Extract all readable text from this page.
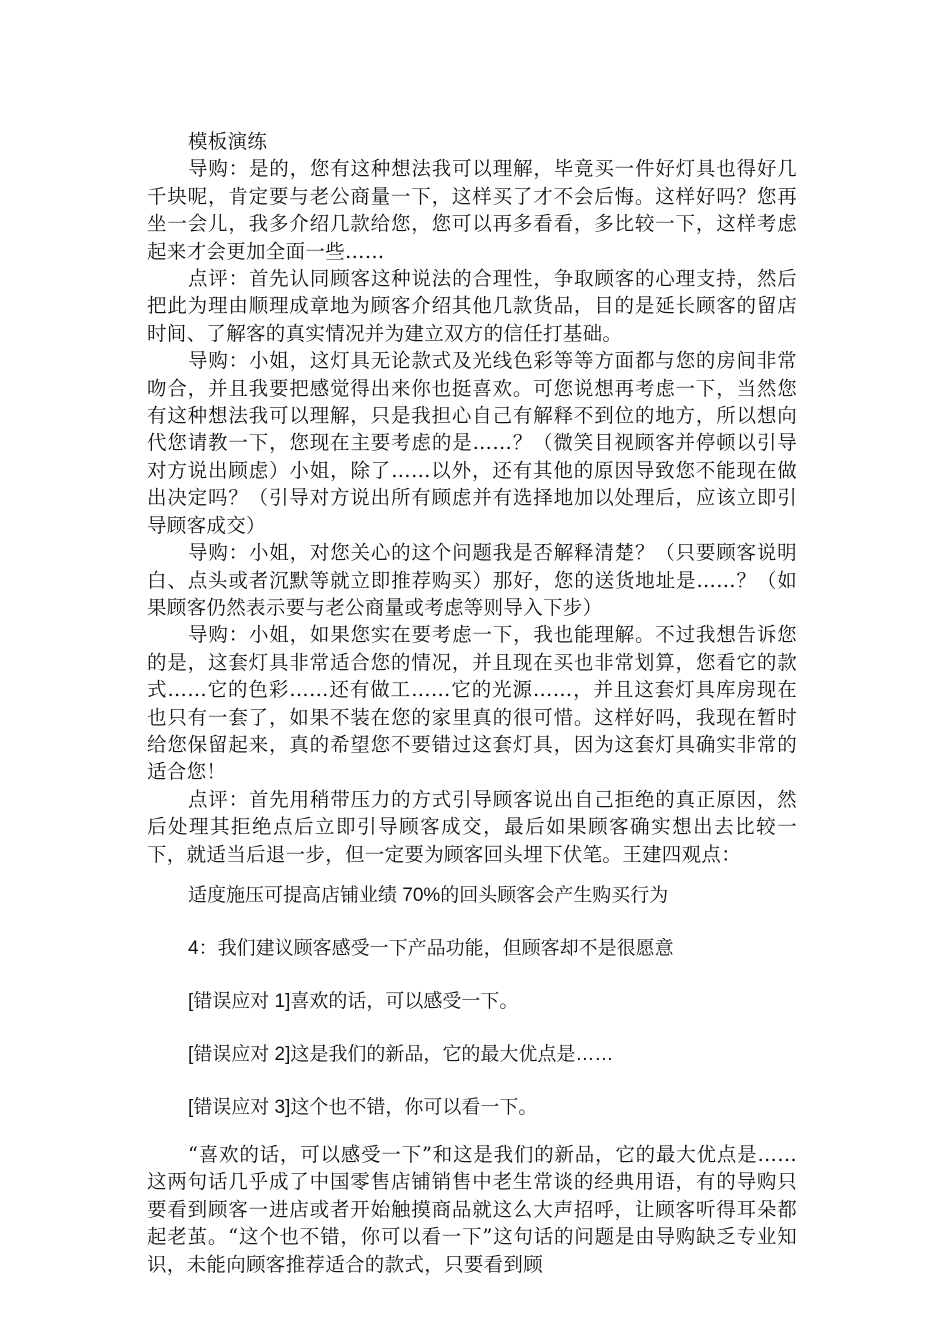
模板演练

导购：是的，您有这种想法我可以理解，毕竟买一件好灯具也得好几千块呢，肯定要与老公商量一下，这样买了才不会后悔。这样好吗？您再坐一会儿，我多介绍几款给您，您可以再多看看，多比较一下，这样考虑起来才会更加全面一些……

点评：首先认同顾客这种说法的合理性，争取顾客的心理支持，然后把此为理由顺理成章地为顾客介绍其他几款货品，目的是延长顾客的留店时间、了解客的真实情况并为建立双方的信任打基础。

导购：小姐，这灯具无论款式及光线色彩等等方面都与您的房间非常吻合，并且我要把感觉得出来你也挺喜欢。可您说想再考虑一下，当然您有这种想法我可以理解，只是我担心自己有解释不到位的地方，所以想向代您请教一下，您现在主要考虑的是……？（微笑目视顾客并停顿以引导对方说出顾虑）小姐，除了……以外，还有其他的原因导致您不能现在做出决定吗？（引导对方说出所有顾虑并有选择地加以处理后，应该立即引导顾客成交）

导购：小姐，对您关心的这个问题我是否解释清楚？（只要顾客说明白、点头或者沉默等就立即推荐购买）那好，您的送货地址是……？（如果顾客仍然表示要与老公商量或考虑等则导入下步）

导购：小姐，如果您实在要考虑一下，我也能理解。不过我想告诉您的是，这套灯具非常适合您的情况，并且现在买也非常划算，您看它的款式……它的色彩……还有做工……它的光源……，并且这套灯具库房现在也只有一套了，如果不装在您的家里真的很可惜。这样好吗，我现在暂时给您保留起来，真的希望您不要错过这套灯具，因为这套灯具确实非常的适合您！

点评：首先用稍带压力的方式引导顾客说出自己拒绝的真正原因，然后处理其拒绝点后立即引导顾客成交，最后如果顾客确实想出去比较一下，就适当后退一步，但一定要为顾客回头埋下伏笔。王建四观点：

适度施压可提高店铺业绩 70%的回头顾客会产生购买行为

4：我们建议顾客感受一下产品功能，但顾客却不是很愿意

[错误应对 1]喜欢的话，可以感受一下。

[错误应对 2]这是我们的新品，它的最大优点是……

[错误应对 3]这个也不错，你可以看一下。

“喜欢的话，可以感受一下”和这是我们的新品，它的最大优点是……这两句话几乎成了中国零售店铺销售中老生常谈的经典用语，有的导购只要看到顾客一进店或者开始触摸商品就这么大声招呼，让顾客听得耳朵都起老茧。“这个也不错，你可以看一下”这句话的问题是由导购缺乏专业知识，未能向顾客推荐适合的款式，只要看到顾
